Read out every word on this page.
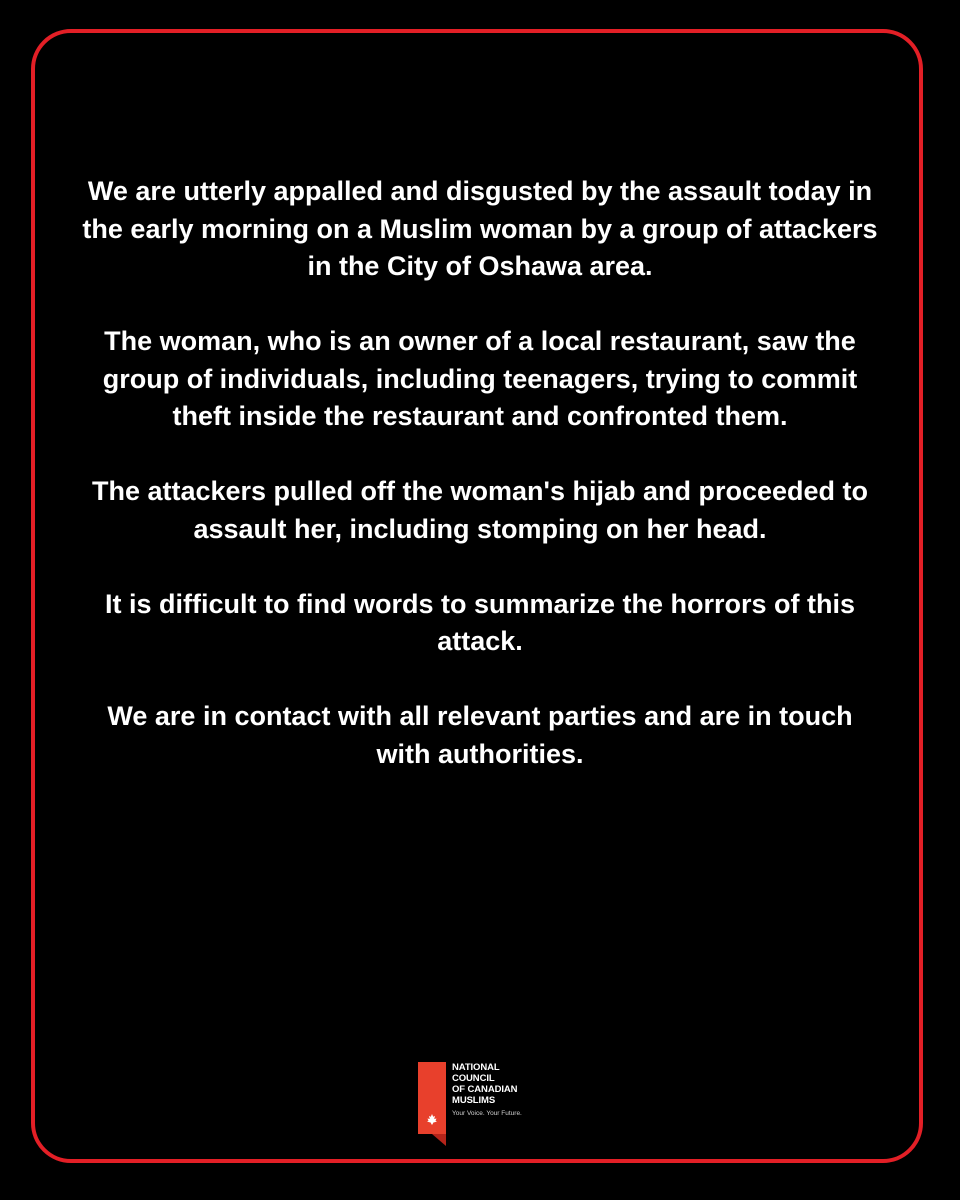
We are utterly appalled and disgusted by the assault today in the early morning on a Muslim woman by a group of attackers in the City of Oshawa area.

The woman, who is an owner of a local restaurant, saw the group of individuals, including teenagers, trying to commit theft inside the restaurant and confronted them.

The attackers pulled off the woman's hijab and proceeded to assault her, including stomping on her head.

It is difficult to find words to summarize the horrors of this attack.

We are in contact with all relevant parties and are in touch with authorities.

NATIONAL
COUNCIL
OF CANADIAN
MUSLIMS
Your Voice. Your Future.
